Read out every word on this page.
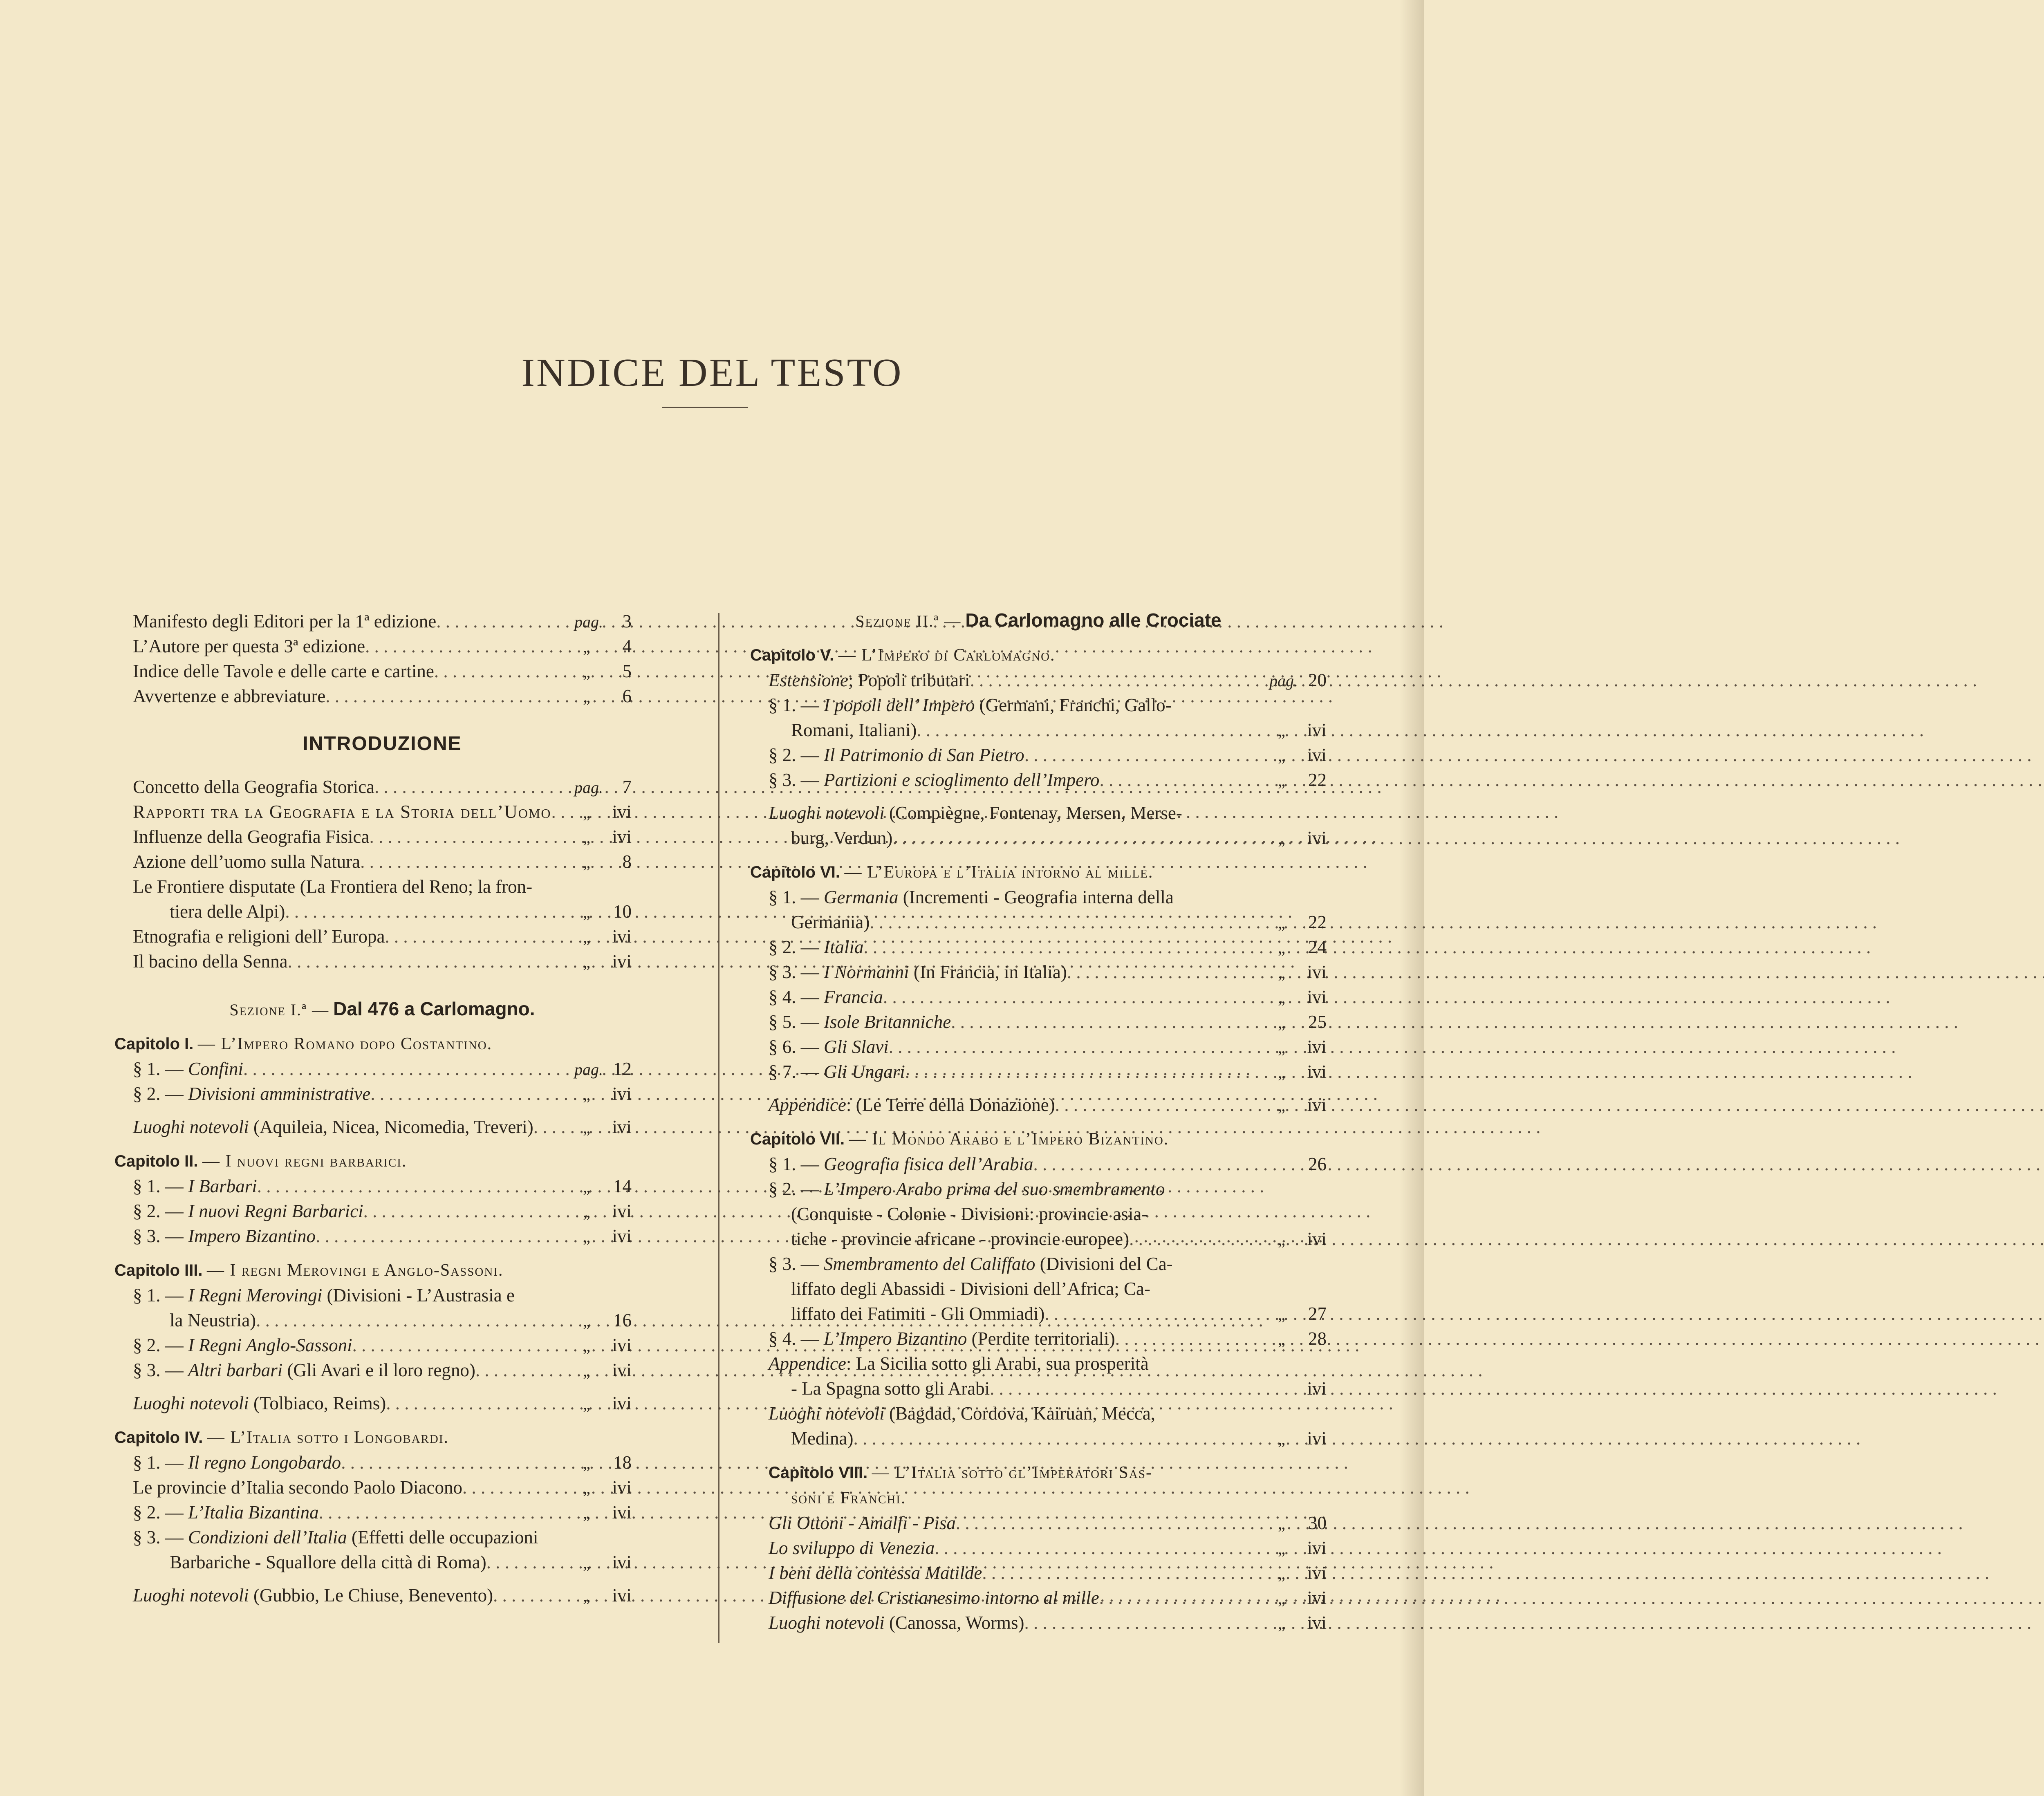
INDICE DEL TESTO
Manifesto degli Editori per la 1ª edizione . . .	pag.	3
L’Autore per questa 3ª edizione . . .	„	4
Indice delle Tavole e delle carte e cartine . . .	„	5
Avvertenze e abbreviature . . .	„	6
INTRODUZIONE
Concetto della Geografia Storica . . .	pag.	7
Rapporti tra la Geografia e la Storia dell’Uomo . . .	„	ivi
Influenze della Geografia Fisica . . .	„	ivi
Azione dell’uomo sulla Natura . . .	„	8
Le Frontiere disputate (La Frontiera del Reno; la fron-
tiera delle Alpi) . . .	„	10
Etnografia e religioni dell’ Europa . . .	„	ivi
Il bacino della Senna . . .	„	ivi
Sezione I.ª — Dal 476 a Carlomagno.
Capitolo I. — L’Impero Romano dopo Costantino.
§ 1. — Confini . . .	pag. 12
§ 2. — Divisioni amministrative . . .	„	ivi
Luoghi notevoli (Aquileia, Nicea, Nicomedia, Treveri) . . .	„	ivi
Capitolo II. — I nuovi regni barbarici.
§ 1. — I Barbari . . .	„	14
§ 2. — I nuovi Regni Barbarici . . .	„	ivi
§ 3. — Impero Bizantino . . .	„	ivi
Capitolo III. — I regni Merovingi e Anglo-Sassoni.
§ 1. — I Regni Merovingi (Divisioni - L’Austrasia e
la Neustria) . . .	„	16
§ 2. — I Regni Anglo-Sassoni . . .	„	ivi
§ 3. — Altri barbari (Gli Avari e il loro regno) . . .	„	ivi
Luoghi notevoli (Tolbiaco, Reims) . . .	„	ivi
Capitolo IV. — L’Italia sotto i Longobardi.
§ 1. — Il regno Longobardo . . .	„	18
Le provincie d’Italia secondo Paolo Diacono . . .	„	ivi
§ 2. — L’Italia Bizantina . . .	„	ivi
§ 3. — Condizioni dell’Italia (Effetti delle occupazioni
Barbariche - Squallore della città di Roma) . . .	„	ivi
Luoghi notevoli (Gubbio, Le Chiuse, Benevento) . . .	„	ivi
Sezione II.ª — Da Carlomagno alle Crociate
Capitolo V. — L’Impero di Carlomagno.
Estensione; Popoli tributari . . .	pag. 20
§ 1. — I popoli dell’ Impero (Germani, Franchi, Gallo-
Romani, Italiani) . . .	„	ivi
§ 2. — Il Patrimonio di San Pietro . . .	„	ivi
§ 3. — Partizioni e scioglimento dell’Impero . . .	„	22
Luoghi notevoli (Compiègne, Fontenay, Mersen, Merse-
burg, Verdun) . . .	„	ivi
Capitolo VI. — L’Europa e l’Italia intorno al mille.
§ 1. — Germania (Incrementi - Geografia interna della
Germania) . . .	„	22
§ 2. — Italia . . .	„	24
§ 3. — I Normanni (In Francia, in Italia) . . .	„	ivi
§ 4. — Francia . . .	„	ivi
§ 5. — Isole Britanniche . . .	„	25
§ 6. — Gli Slavi . . .	„	ivi
§ 7. — Gli Ungari . . .	„	ivi
Appendice: (Le Terre della Donazione) . . .	„	ivi
Capitolo VII. — Il Mondo Arabo e l’Impero Bizantino.
§ 1. — Geografia fisica dell’Arabia . . .	26
§ 2. — L’Impero Arabo prima del suo smembramento
(Conquiste - Colonie - Divisioni: provincie asia-
tiche - provincie africane - provincie europee) . . .	„	ivi
§ 3. — Smembramento del Califfato (Divisioni del Ca-
liffato degli Abassidi - Divisioni dell’Africa; Ca-
liffato dei Fatimiti - Gli Ommiadi) . . .	„	27
§ 4. — L’Impero Bizantino (Perdite territoriali) . . .	„	28
Appendice: La Sicilia sotto gli Arabi, sua prosperità
- La Spagna sotto gli Arabi . . .	ivi
Luoghi notevoli (Bagdad, Cordova, Kairuan, Mecca,
Medina) . . .	„	ivi
Capitolo VIII. — L’Italia sotto gl’Imperatori Sas-
soni e Franchi.
Gli Ottoni - Amalfi - Pisa . . .	„	30
Lo sviluppo di Venezia . . .	„	ivi
I beni della contessa Matilde . . .	„	ivi
Diffusione del Cristianesimo intorno al mille . . .	„	ivi
Luoghi notevoli (Canossa, Worms) . . .	„	ivi
